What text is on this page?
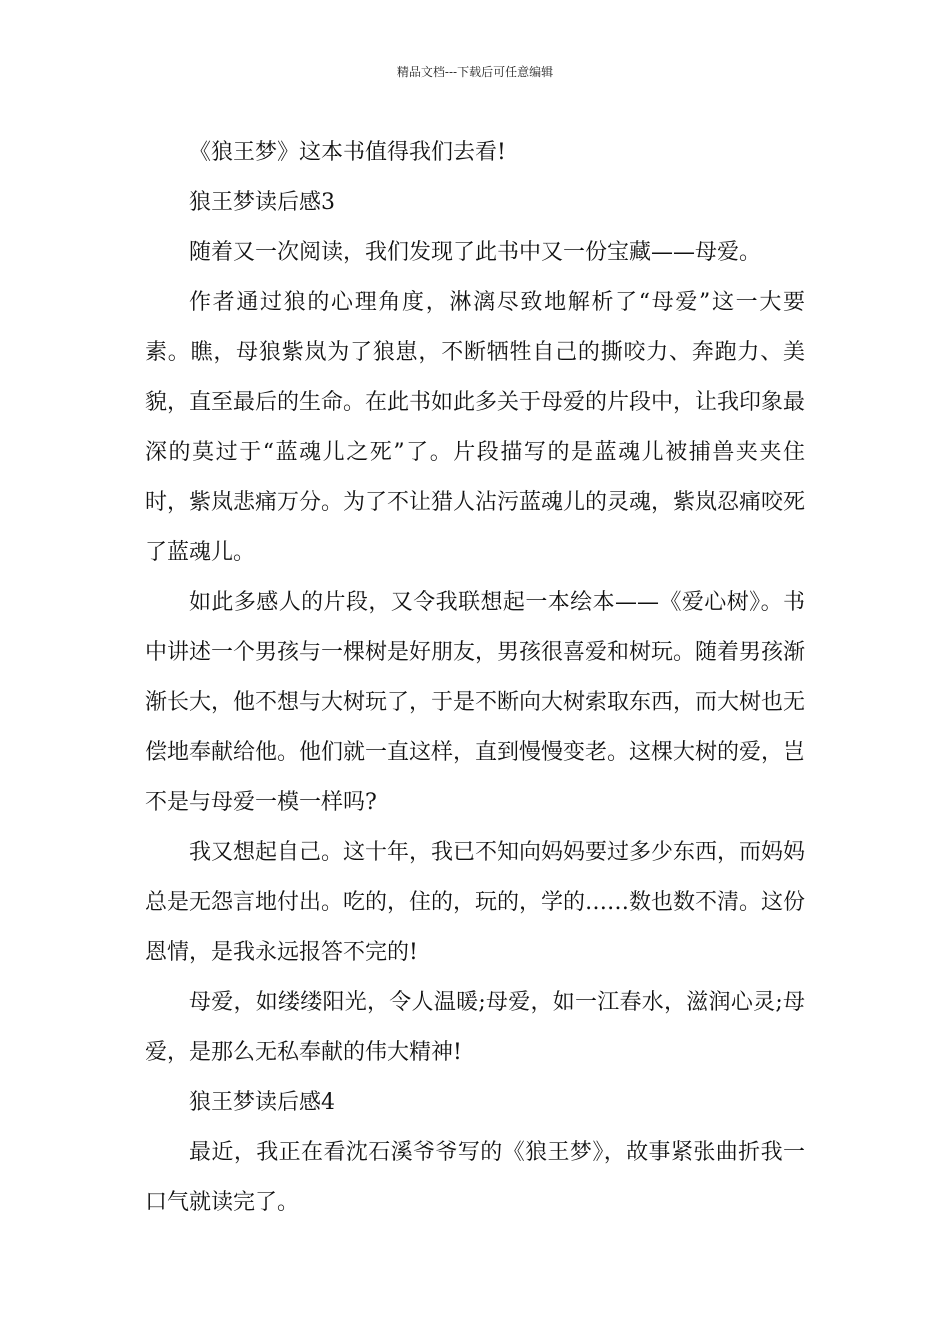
精品文档---下载后可任意编辑

《狼王梦》这本书值得我们去看!

狼王梦读后感3

随着又一次阅读，我们发现了此书中又一份宝藏——母爱。

作者通过狼的心理角度，淋漓尽致地解析了“母爱”这一大要素。瞧，母狼紫岚为了狼崽，不断牺牲自己的撕咬力、奔跑力、美貌，直至最后的生命。在此书如此多关于母爱的片段中，让我印象最深的莫过于“蓝魂儿之死”了。片段描写的是蓝魂儿被捕兽夹夹住时，紫岚悲痛万分。为了不让猎人沾污蓝魂儿的灵魂，紫岚忍痛咬死了蓝魂儿。

如此多感人的片段，又令我联想起一本绘本——《爱心树》。书中讲述一个男孩与一棵树是好朋友，男孩很喜爱和树玩。随着男孩渐渐长大，他不想与大树玩了，于是不断向大树索取东西，而大树也无偿地奉献给他。他们就一直这样，直到慢慢变老。这棵大树的爱，岂不是与母爱一模一样吗?

我又想起自己。这十年，我已不知向妈妈要过多少东西，而妈妈总是无怨言地付出。吃的，住的，玩的，学的……数也数不清。这份恩情，是我永远报答不完的!

母爱，如缕缕阳光，令人温暖;母爱，如一江春水，滋润心灵;母爱，是那么无私奉献的伟大精神!

狼王梦读后感4

最近，我正在看沈石溪爷爷写的《狼王梦》，故事紧张曲折我一口气就读完了。
